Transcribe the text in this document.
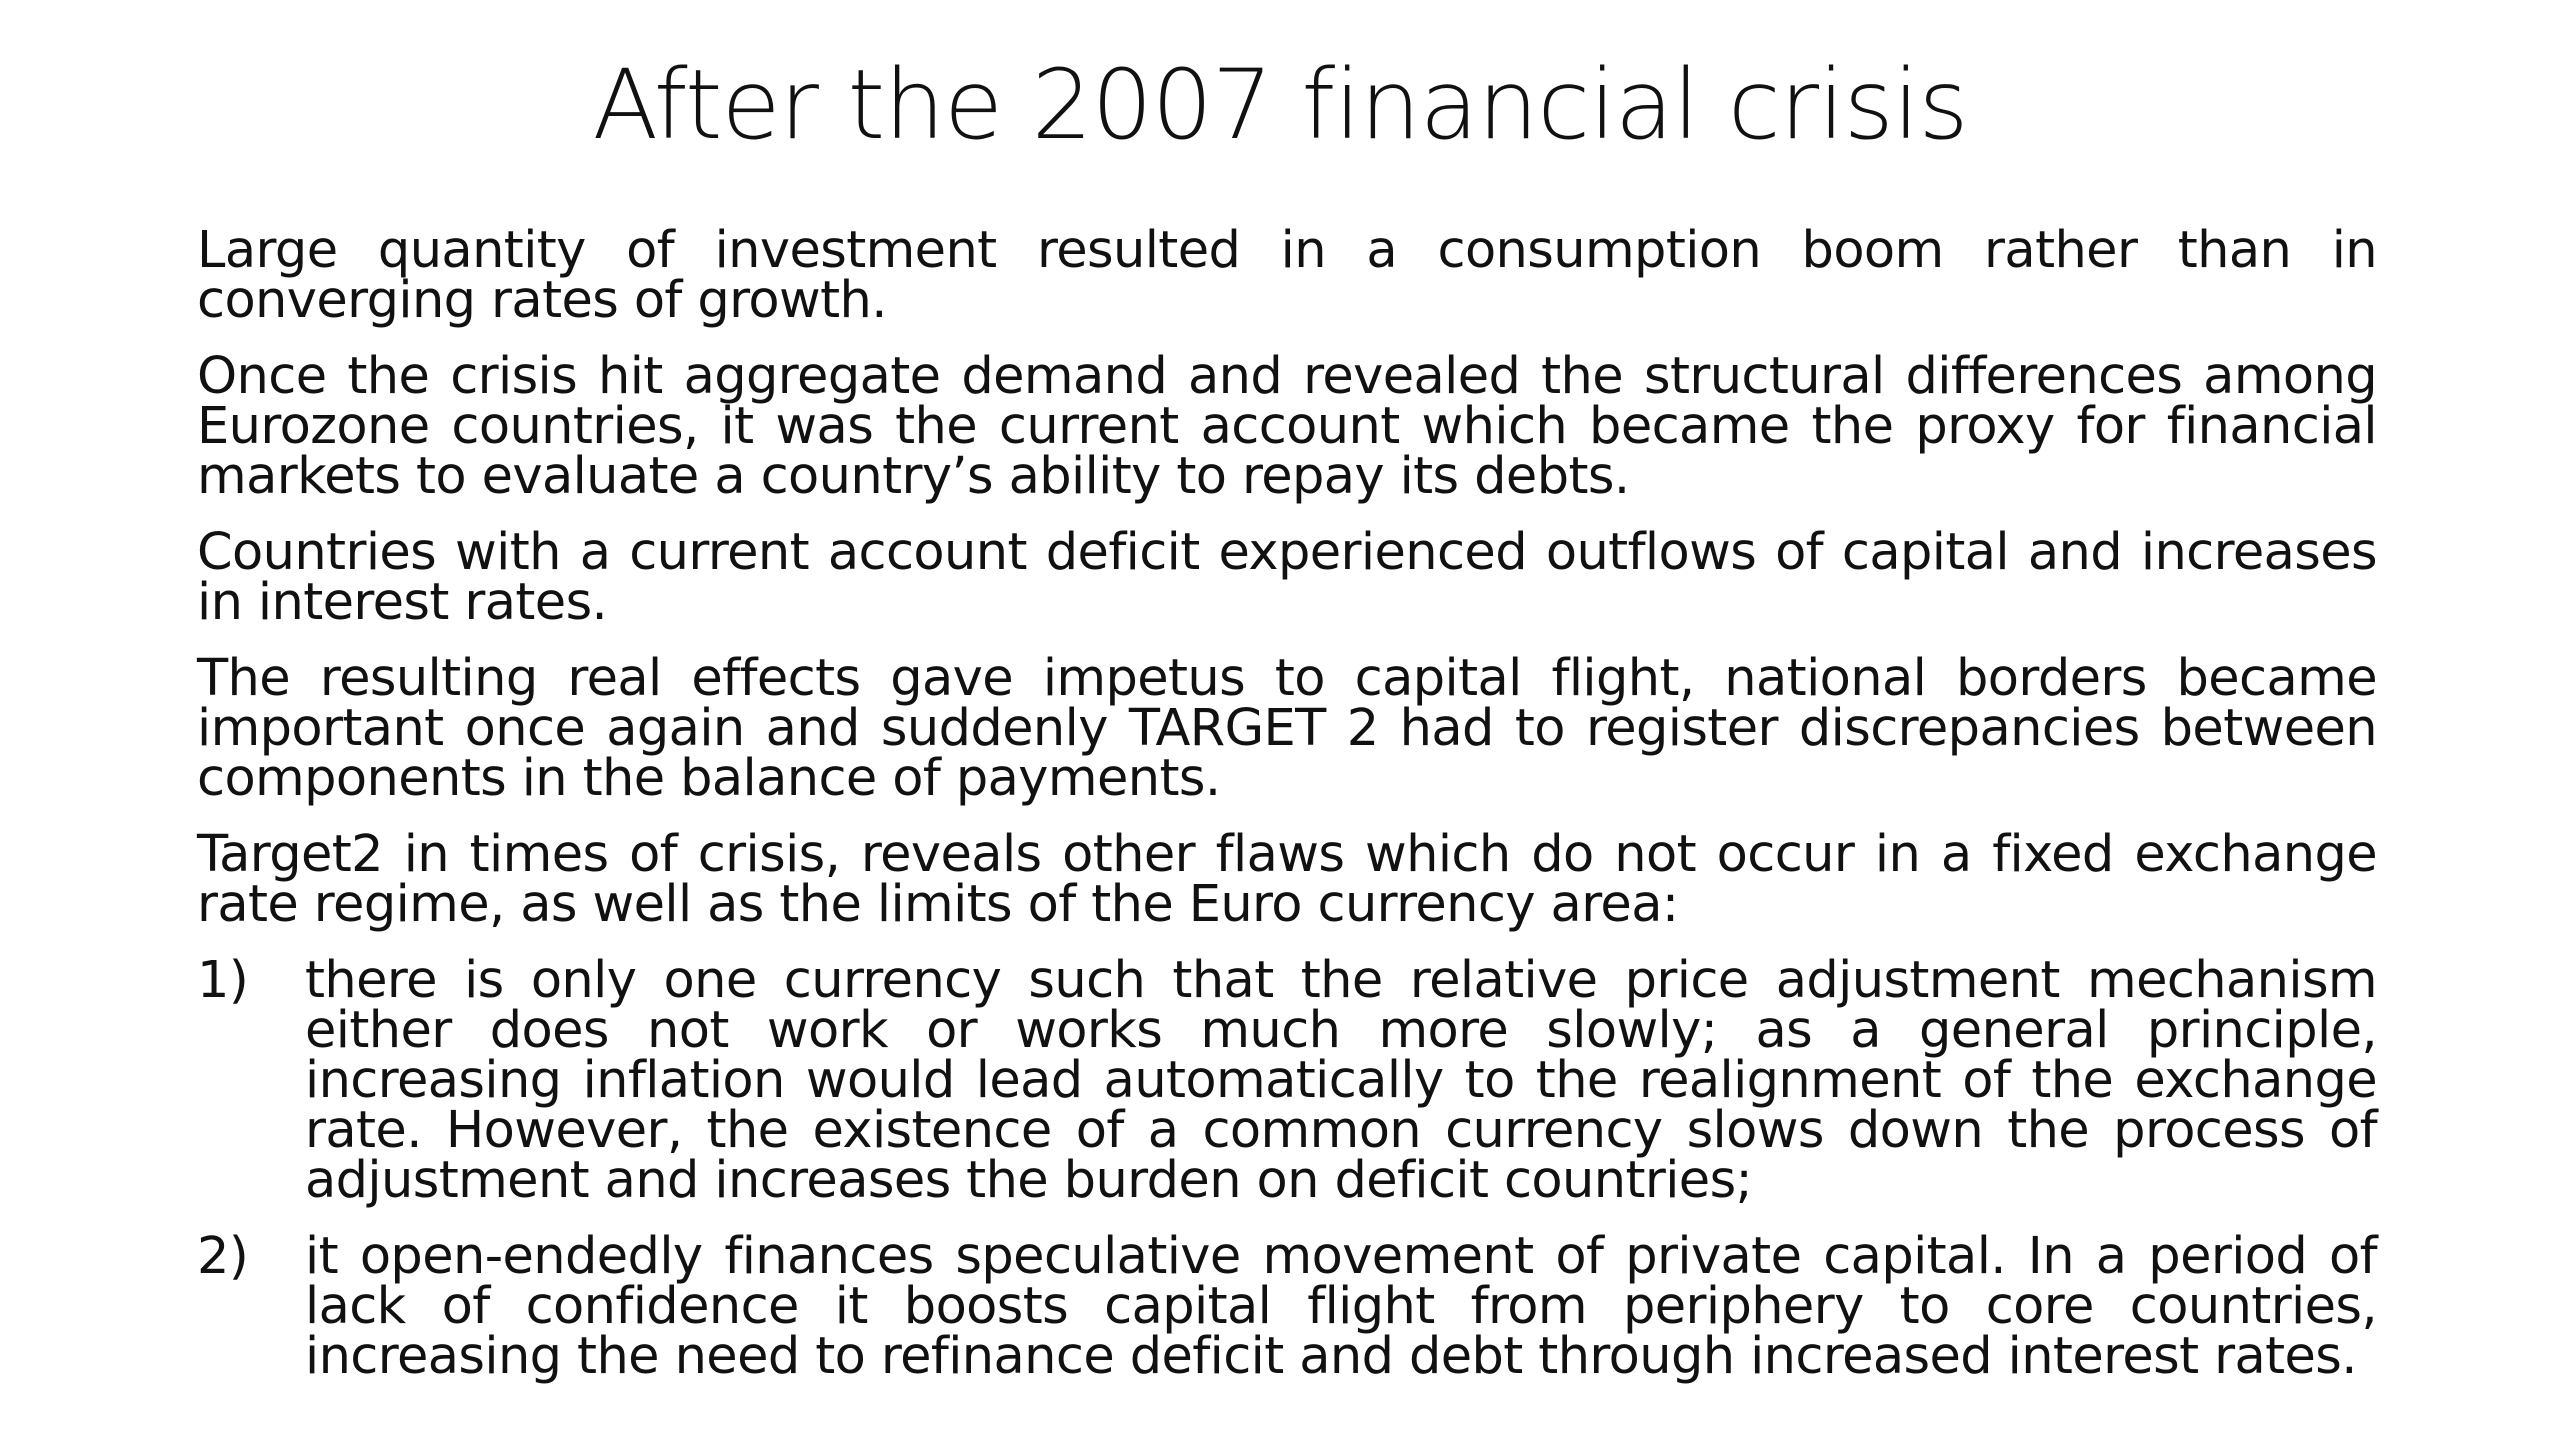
After the 2007 financial crisis

Large quantity of investment resulted in a consumption boom rather than in converging rates of growth.

Once the crisis hit aggregate demand and revealed the structural differences among Eurozone countries, it was the current account which became the proxy for financial markets to evaluate a country’s ability to repay its debts.

Countries with a current account deficit experienced outflows of capital and increases in interest rates.

The resulting real effects gave impetus to capital flight, national borders became important once again and suddenly TARGET 2 had to register discrepancies between components in the balance of payments.

Target2 in times of crisis, reveals other flaws which do not occur in a fixed exchange rate regime, as well as the limits of the Euro currency area:

1) there is only one currency such that the relative price adjustment mechanism either does not work or works much more slowly; as a general principle, increasing inflation would lead automatically to the realignment of the exchange rate. However, the existence of a common currency slows down the process of adjustment and increases the burden on deficit countries;
2) it open-endedly finances speculative movement of private capital. In a period of lack of confidence it boosts capital flight from periphery to core countries, increasing the need to refinance deficit and debt through increased interest rates.
